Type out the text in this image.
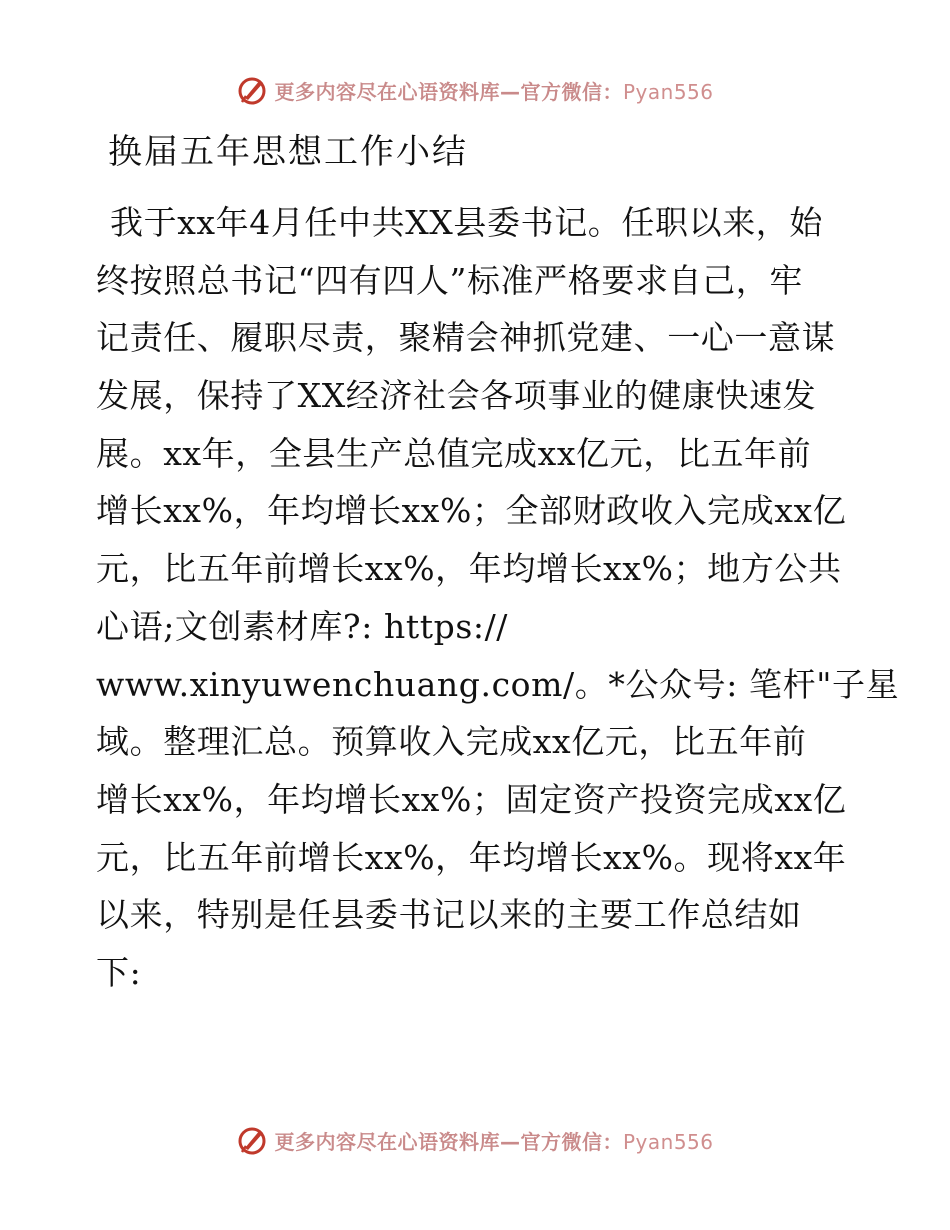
更多内容尽在心语资料库—官方微信：Pyan556
换届五年思想工作小结
我于xx年4月任中共XX县委书记。任职以来，始
终按照总书记“四有四人”标准严格要求自己，牢
记责任、履职尽责，聚精会神抓党建、一心一意谋
发展，保持了XX经济社会各项事业的健康快速发
展。xx年，全县生产总值完成xx亿元，比五年前
增长xx%，年均增长xx%；全部财政收入完成xx亿
元，比五年前增长xx%，年均增长xx%；地方公共
心语;文创素材库?: https://
www.xinyuwenchuang.com/。*公众号: 笔杆"子星
域。整理汇总。预算收入完成xx亿元，比五年前
增长xx%，年均增长xx%；固定资产投资完成xx亿
元，比五年前增长xx%，年均增长xx%。现将xx年
以来，特别是任县委书记以来的主要工作总结如
下:
更多内容尽在心语资料库—官方微信：Pyan556
